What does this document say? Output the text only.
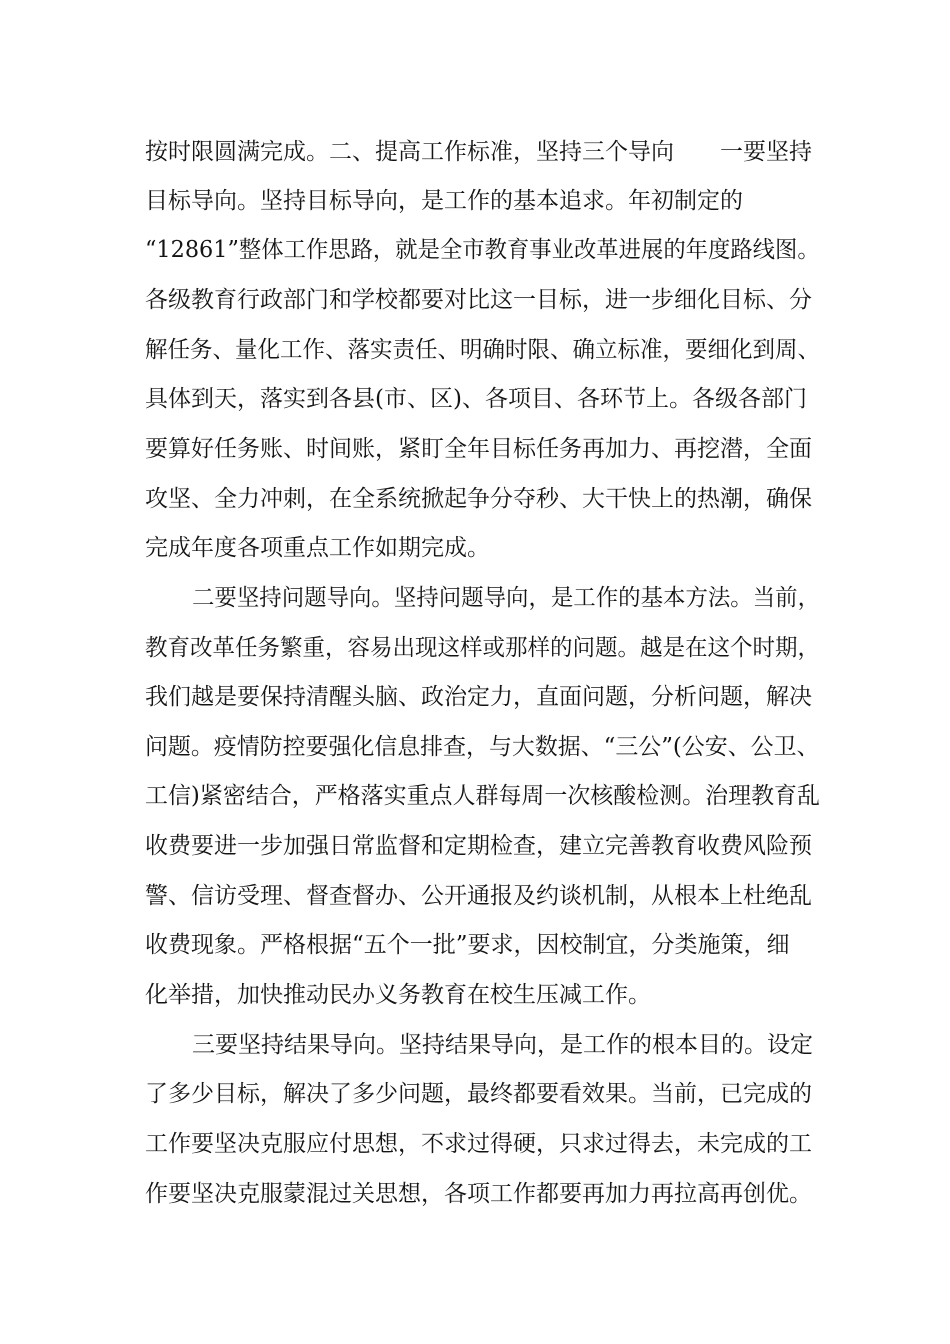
按时限圆满完成。二、提高工作标准，坚持三个导向　　一要坚持

目标导向。坚持目标导向，是工作的基本追求。年初制定的

“12861”整体工作思路，就是全市教育事业改革进展的年度路线图。

各级教育行政部门和学校都要对比这一目标，进一步细化目标、分

解任务、量化工作、落实责任、明确时限、确立标准，要细化到周、

具体到天，落实到各县(市、区)、各项目、各环节上。各级各部门

要算好任务账、时间账，紧盯全年目标任务再加力、再挖潜，全面

攻坚、全力冲刺，在全系统掀起争分夺秒、大干快上的热潮，确保

完成年度各项重点工作如期完成。

二要坚持问题导向。坚持问题导向，是工作的基本方法。当前，

教育改革任务繁重，容易出现这样或那样的问题。越是在这个时期，

我们越是要保持清醒头脑、政治定力，直面问题，分析问题，解决

问题。疫情防控要强化信息排查，与大数据、“三公”(公安、公卫、

工信)紧密结合，严格落实重点人群每周一次核酸检测。治理教育乱

收费要进一步加强日常监督和定期检查，建立完善教育收费风险预

警、信访受理、督查督办、公开通报及约谈机制，从根本上杜绝乱

收费现象。严格根据“五个一批”要求，因校制宜，分类施策，细

化举措，加快推动民办义务教育在校生压减工作。

三要坚持结果导向。坚持结果导向，是工作的根本目的。设定

了多少目标，解决了多少问题，最终都要看效果。当前，已完成的

工作要坚决克服应付思想，不求过得硬，只求过得去，未完成的工

作要坚决克服蒙混过关思想，各项工作都要再加力再拉高再创优。
